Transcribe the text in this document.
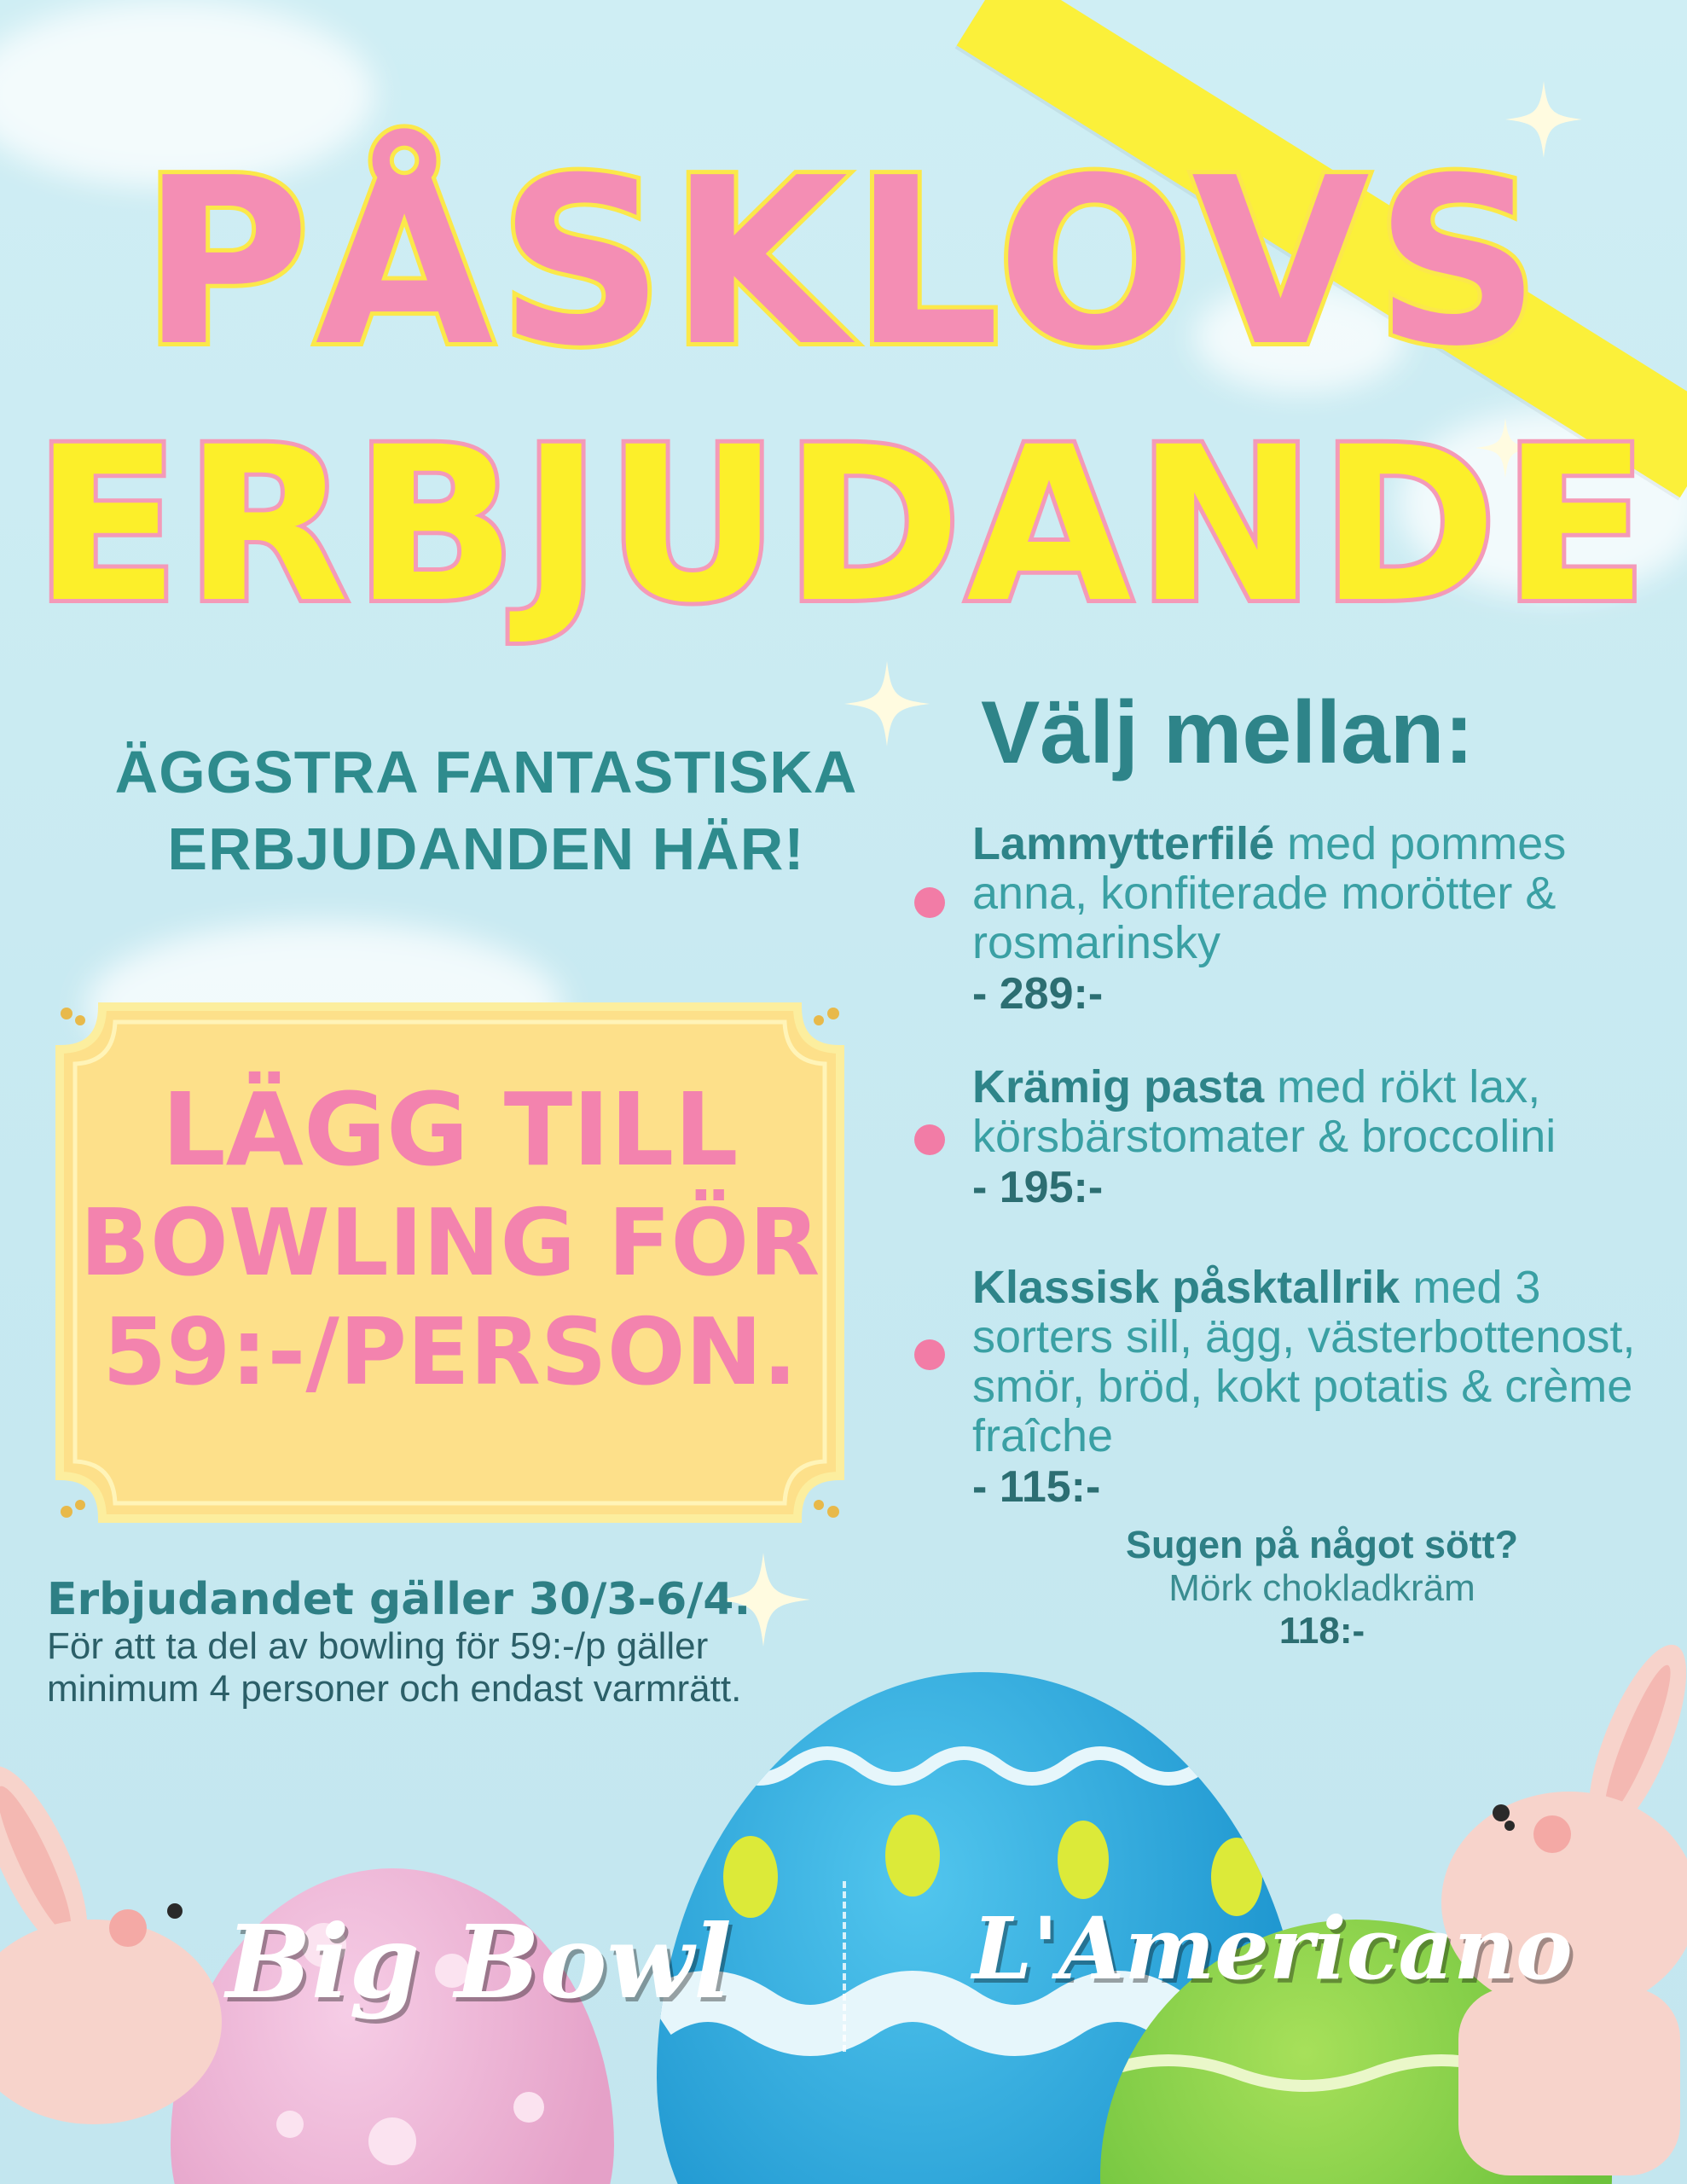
PÅSKLOVS
ERBJUDANDE
ÄGGSTRA FANTASTISKA
ERBJUDANDEN HÄR!
LÄGG TILL
BOWLING FÖR
59:-/PERSON.
Erbjudandet gäller 30/3-6/4.
För att ta del av bowling för 59:-/p gäller minimum 4 personer och endast varmrätt.
Välj mellan:
Lammytterfilé med pommes anna, konfiterade morötter & rosmarinsky
- 289:-
Krämig pasta med rökt lax, körsbärstomater & broccolini
- 195:-
Klassisk påsktallrik med 3 sorters sill, ägg, västerbottenost, smör, bröd, kokt potatis & crème fraîche
- 115:-
Sugen på något sött?
Mörk chokladkräm
118:-
Big Bowl	L'Americano
